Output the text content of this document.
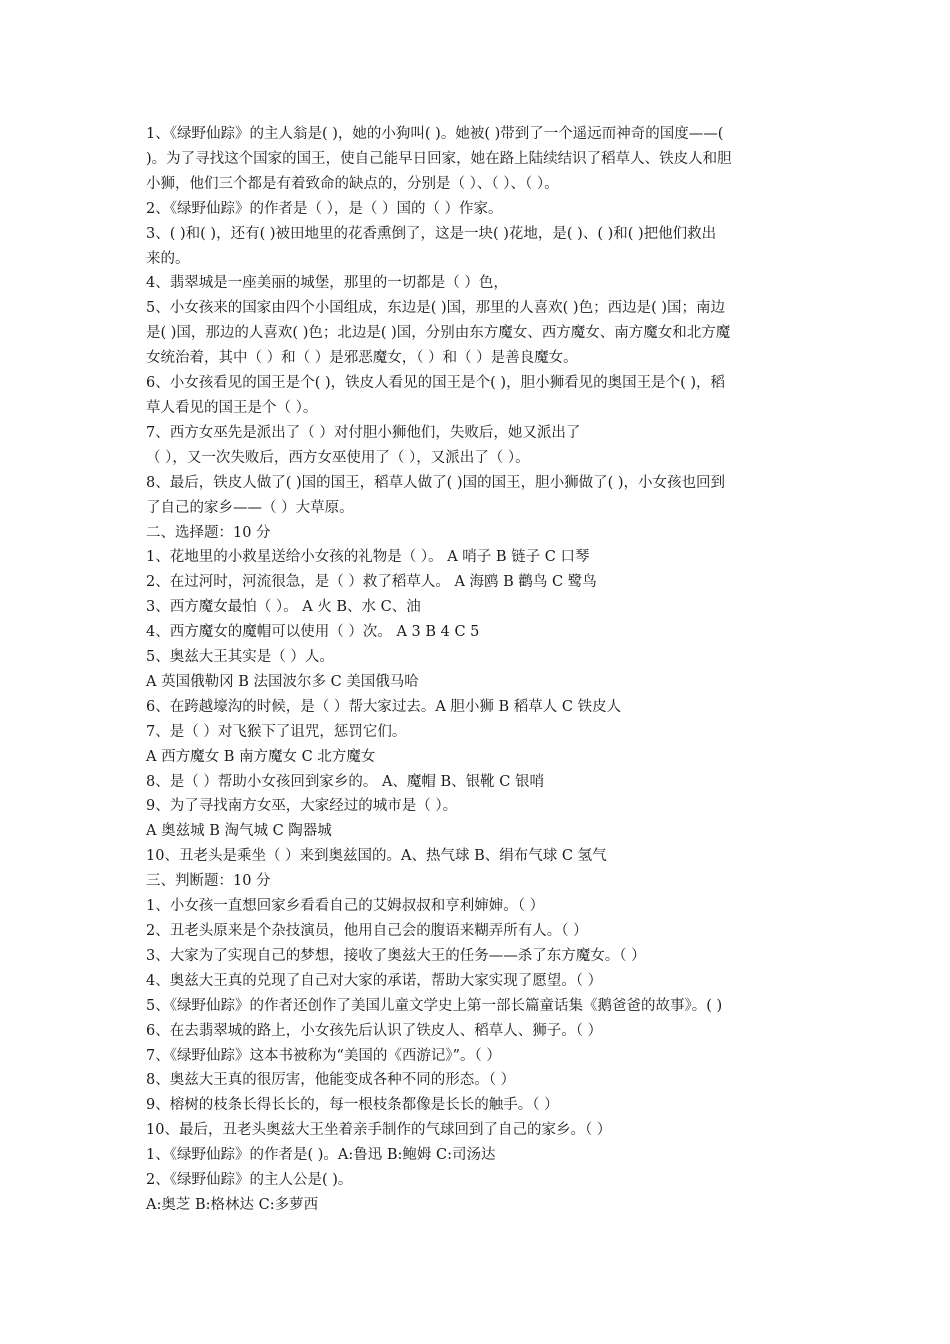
1、《绿野仙踪》的主人翁是( )，她的小狗叫( )。她被( )带到了一个遥远而神奇的国度——(
)。为了寻找这个国家的国王，使自己能早日回家，她在路上陆续结识了稻草人、铁皮人和胆
小狮，他们三个都是有着致命的缺点的，分别是（ ）、（ ）、（ ）。
2、《绿野仙踪》的作者是（ ），是（ ）国的（ ）作家。
3、( )和( )，还有( )被田地里的花香熏倒了，这是一块( )花地，是( )、( )和( )把他们救出
来的。
4、翡翠城是一座美丽的城堡，那里的一切都是（ ）色，
5、小女孩来的国家由四个小国组成，东边是( )国，那里的人喜欢( )色；西边是( )国；南边
是( )国，那边的人喜欢( )色；北边是( )国，分别由东方魔女、西方魔女、南方魔女和北方魔
女统治着，其中（ ）和（ ）是邪恶魔女，（ ）和（ ）是善良魔女。
6、小女孩看见的国王是个( )，铁皮人看见的国王是个( )，胆小狮看见的奥国王是个( )，稻
草人看见的国王是个（ ）。
7、西方女巫先是派出了（ ）对付胆小狮他们，失败后，她又派出了
（ ），又一次失败后，西方女巫使用了（ ），又派出了（ ）。
8、最后，铁皮人做了( )国的国王，稻草人做了( )国的国王，胆小狮做了( )，小女孩也回到
了自己的家乡——（ ）大草原。
二、选择题：10 分
1、花地里的小救星送给小女孩的礼物是（ ）。 A 哨子 B 链子 C 口琴
2、在过河时，河流很急，是（ ）救了稻草人。 A 海鸥 B 鹳鸟 C 鹭鸟
3、西方魔女最怕（ ）。 A 火 B、水 C、油
4、西方魔女的魔帽可以使用（ ）次。 A 3 B 4 C 5
5、奥兹大王其实是（ ）人。
A 英国俄勒冈 B 法国波尔多 C 美国俄马哈
6、在跨越壕沟的时候，是（ ）帮大家过去。A 胆小狮 B 稻草人 C 铁皮人
7、是（ ）对飞猴下了诅咒，惩罚它们。
A 西方魔女 B 南方魔女 C 北方魔女
8、是（ ）帮助小女孩回到家乡的。 A、魔帽 B、银靴 C 银哨
9、为了寻找南方女巫，大家经过的城市是（ ）。
A 奥兹城 B 淘气城 C 陶器城
10、丑老头是乘坐（ ）来到奥兹国的。A、热气球 B、绢布气球 C 氢气
三、判断题：10 分
1、小女孩一直想回家乡看看自己的艾姆叔叔和亨利婶婶。（ ）
2、丑老头原来是个杂技演员，他用自己会的腹语来糊弄所有人。（ ）
3、大家为了实现自己的梦想，接收了奥兹大王的任务——杀了东方魔女。（ ）
4、奥兹大王真的兑现了自己对大家的承诺，帮助大家实现了愿望。（ ）
5、《绿野仙踪》的作者还创作了美国儿童文学史上第一部长篇童话集《鹅爸爸的故事》。( )
6、在去翡翠城的路上，小女孩先后认识了铁皮人、稻草人、狮子。（ ）
7、《绿野仙踪》这本书被称为“美国的《西游记》”。（ ）
8、奥兹大王真的很厉害，他能变成各种不同的形态。（ ）
9、榕树的枝条长得长长的，每一根枝条都像是长长的触手。（ ）
10、最后，丑老头奥兹大王坐着亲手制作的气球回到了自己的家乡。（ ）
1、《绿野仙踪》的作者是( )。A:鲁迅 B:鲍姆 C:司汤达
2、《绿野仙踪》的主人公是( )。
A:奥芝 B:格林达 C:多萝西
